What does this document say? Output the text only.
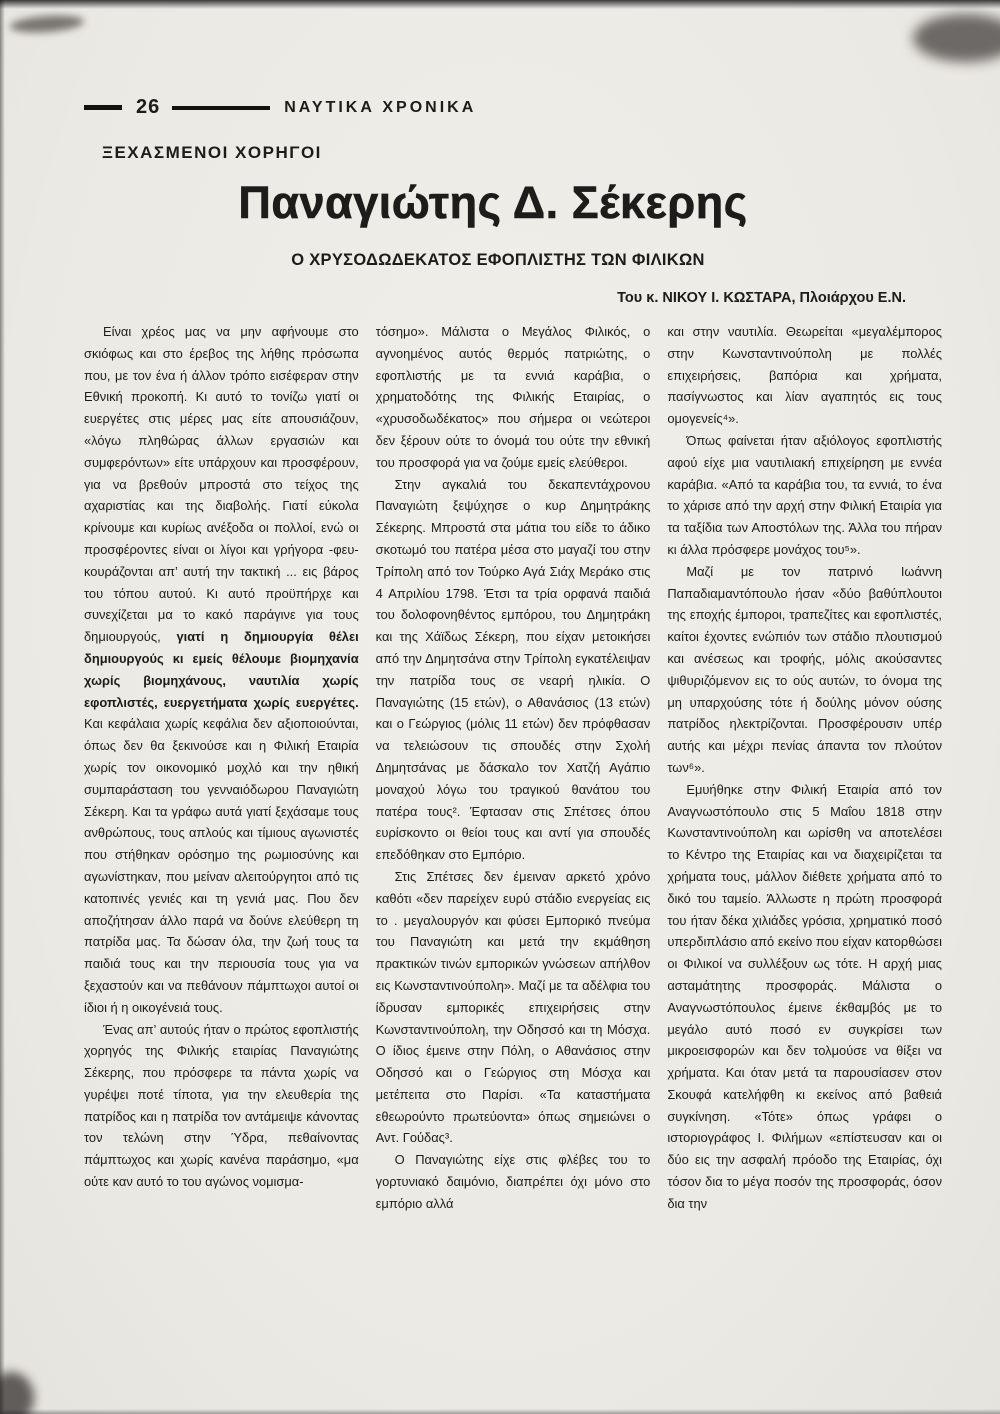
26	ΝΑΥΤΙΚΑ ΧΡΟΝΙΚΑ
ΞΕΧΑΣΜΕΝΟΙ ΧΟΡΗΓΟΙ
Παναγιώτης Δ. Σέκερης
Ο ΧΡΥΣΟΔΩΔΕΚΑΤΟΣ ΕΦΟΠΛΙΣΤΗΣ ΤΩΝ ΦΙΛΙΚΩΝ
Του κ. ΝΙΚΟΥ Ι. ΚΩΣΤΑΡΑ, Πλοιάρχου Ε.Ν.

Είναι χρέος μας να μην αφήνουμε στο σκιόφως και στο έρεβος της λήθης πρόσωπα που, με τον ένα ή άλλον τρόπο εισέφεραν στην Εθνική προκοπή. Κι αυτό το τονίζω γιατί οι ευεργέτες στις μέρες μας είτε απουσιάζουν, «λόγω πληθώρας άλλων εργασιών και συμφερόντων» είτε υπάρχουν και προσφέρουν, για να βρεθούν μπροστά στο τείχος της αχαριστίας και της διαβολής. Γιατί εύκολα κρίνουμε και κυρίως ανέξοδα οι πολλοί, ενώ οι προσφέροντες είναι οι λίγοι και γρήγορα -φευ- κουράζονται απ’ αυτή την τακτική ... εις βάρος του τόπου αυτού. Κι αυτό προϋπήρχε και συνεχίζεται μα το κακό παράγινε για τους δημιουργούς, γιατί η δημιουργία θέλει δημιουργούς κι εμείς θέλουμε βιομηχανία χωρίς βιομηχάνους, ναυτιλία χωρίς εφοπλιστές, ευεργετήματα χωρίς ευεργέτες. Και κεφάλαια χωρίς κεφάλια δεν αξιοποιούνται, όπως δεν θα ξεκινούσε και η Φιλική Εταιρία χωρίς τον οικονομικό μοχλό και την ηθική συμπαράσταση του γενναιόδωρου Παναγιώτη Σέκερη. Και τα γράφω αυτά γιατί ξεχάσαμε τους ανθρώπους, τους απλούς και τίμιους αγωνιστές που στήθηκαν ορόσημο της ρωμιοσύνης και αγωνίστηκαν, που μείναν αλειτούργητοι από τις κατοπινές γενιές και τη γενιά μας. Που δεν αποζήτησαν άλλο παρά να δούνε ελεύθερη τη πατρίδα μας. Τα δώσαν όλα, την ζωή τους τα παιδιά τους και την περιουσία τους για να ξεχαστούν και να πεθάνουν πάμπτωχοι αυτοί οι ίδιοι ή η οικογένειά τους.

Ένας απ’ αυτούς ήταν ο πρώτος εφοπλιστής χορηγός της Φιλικής εταιρίας Παναγιώτης Σέκερης, που πρόσφερε τα πάντα χωρίς να γυρέψει ποτέ τίποτα, για την ελευθερία της πατρίδος και η πατρίδα τον αντάμειψε κάνοντας τον τελώνη στην Ύδρα, πεθαίνοντας πάμπτωχος και χωρίς κανένα παράσημο, «μα ούτε καν αυτό το του αγώνος νομισμα-

τόσημο». Μάλιστα ο Μεγάλος Φιλικός, ο αγνοημένος αυτός θερμός πατριώτης, ο εφοπλιστής με τα εννιά καράβια, ο χρηματοδότης της Φιλικής Εταιρίας, ο «χρυσοδωδέκατος» που σήμερα οι νεώτεροι δεν ξέρουν ούτε το όνομά του ούτε την εθνική του προσφορά για να ζούμε εμείς ελεύθεροι.

Στην αγκαλιά του δεκαπεντάχρονου Παναγιώτη ξεψύχησε ο κυρ Δημητράκης Σέκερης. Μπροστά στα μάτια του είδε το άδικο σκοτωμό του πατέρα μέσα στο μαγαζί του στην Τρίπολη από τον Τούρκο Αγά Σιάχ Μεράκο στις 4 Απριλίου 1798. Έτσι τα τρία ορφανά παιδιά του δολοφονηθέντος εμπόρου, του Δημητράκη και της Χάϊδως Σέκερη, που είχαν μετοικήσει από την Δημητσάνα στην Τρίπολη εγκατέλειψαν την πατρίδα τους σε νεαρή ηλικία. Ο Παναγιώτης (15 ετών), ο Αθανάσιος (13 ετών) και ο Γεώργιος (μόλις 11 ετών) δεν πρόφθασαν να τελειώσουν τις σπουδές στην Σχολή Δημητσάνας με δάσκαλο τον Χατζή Αγάπιο μοναχού λόγω του τραγικού θανάτου του πατέρα τους². Έφτασαν στις Σπέτσες όπου ευρίσκοντο οι θείοι τους και αντί για σπουδές επεδόθηκαν στο Εμπόριο.

Στις Σπέτσες δεν έμειναν αρκετό χρόνο καθότι «δεν παρείχεν ευρύ στάδιο ενεργείας εις το . μεγαλουργόν και φύσει Εμπορικό πνεύμα του Παναγιώτη και μετά την εκμάθηση πρακτικών τινών εμπορικών γνώσεων απήλθον εις Κωνσταντινούπολη». Μαζί με τα αδέλφια του ίδρυσαν εμπορικές επιχειρήσεις στην Κωνσταντινούπολη, την Οδησσό και τη Μόσχα. Ο ίδιος έμεινε στην Πόλη, ο Αθανάσιος στην Οδησσό και ο Γεώργιος στη Μόσχα και μετέπειτα στο Παρίσι. «Τα καταστήματα εθεωρούντο πρωτεύοντα» όπως σημειώνει ο Αντ. Γούδας³.

Ο Παναγιώτης είχε στις φλέβες του το γορτυνιακό δαιμόνιο, διαπρέπει όχι μόνο στο εμπόριο αλλά

και στην ναυτιλία. Θεωρείται «μεγαλέμπορος στην Κωνσταντινούπολη με πολλές επιχειρήσεις, βαπόρια και χρήματα, πασίγνωστος και λίαν αγαπητός εις τους ομογενείς⁴».

Όπως φαίνεται ήταν αξιόλογος εφοπλιστής αφού είχε μια ναυτιλιακή επιχείρηση με εννέα καράβια. «Από τα καράβια του, τα εννιά, το ένα το χάρισε από την αρχή στην Φιλική Εταιρία για τα ταξίδια των Αποστόλων της. Άλλα του πήραν κι άλλα πρόσφερε μονάχος του⁵».

Μαζί με τον πατρινό Ιωάννη Παπαδιαμαντόπουλο ήσαν «δύο βαθύπλουτοι της εποχής έμποροι, τραπεζίτες και εφοπλιστές, καίτοι έχοντες ενώπιόν των στάδιο πλουτισμού και ανέσεως και τροφής, μόλις ακούσαντες ψιθυριζόμενον εις το ούς αυτών, το όνομα της μη υπαρχούσης τότε ή δούλης μόνον ούσης πατρίδος ηλεκτρίζονται. Προσφέρουσιν υπέρ αυτής και μέχρι πενίας άπαντα τον πλούτον των⁶».

Εμυήθηκε στην Φιλική Εταιρία από τον Αναγνωστόπουλο στις 5 Μαΐου 1818 στην Κωνσταντινούπολη και ωρίσθη να αποτελέσει το Κέντρο της Εταιρίας και να διαχειρίζεται τα χρήματα τους, μάλλον διέθετε χρήματα από το δικό του ταμείο. Άλλωστε η πρώτη προσφορά του ήταν δέκα χιλιάδες γρόσια, χρηματικό ποσό υπερδιπλάσιο από εκείνο που είχαν κατορθώσει οι Φιλικοί να συλλέξουν ως τότε. Η αρχή μιας ασταμάτητης προσφοράς. Μάλιστα ο Αναγνωστόπουλος έμεινε έκθαμβός με το μεγάλο αυτό ποσό εν συγκρίσει των μικροεισφορών και δεν τολμούσε να θίξει να χρήματα. Και όταν μετά τα παρουσίασεν στον Σκουφά κατελήφθη κι εκείνος από βαθειά συγκίνηση. «Τότε» όπως γράφει ο ιστοριογράφος Ι. Φιλήμων «επίστευσαν και οι δύο εις την ασφαλή πρόοδο της Εταιρίας, όχι τόσον δια το μέγα ποσόν της προσφοράς, όσον δια την
